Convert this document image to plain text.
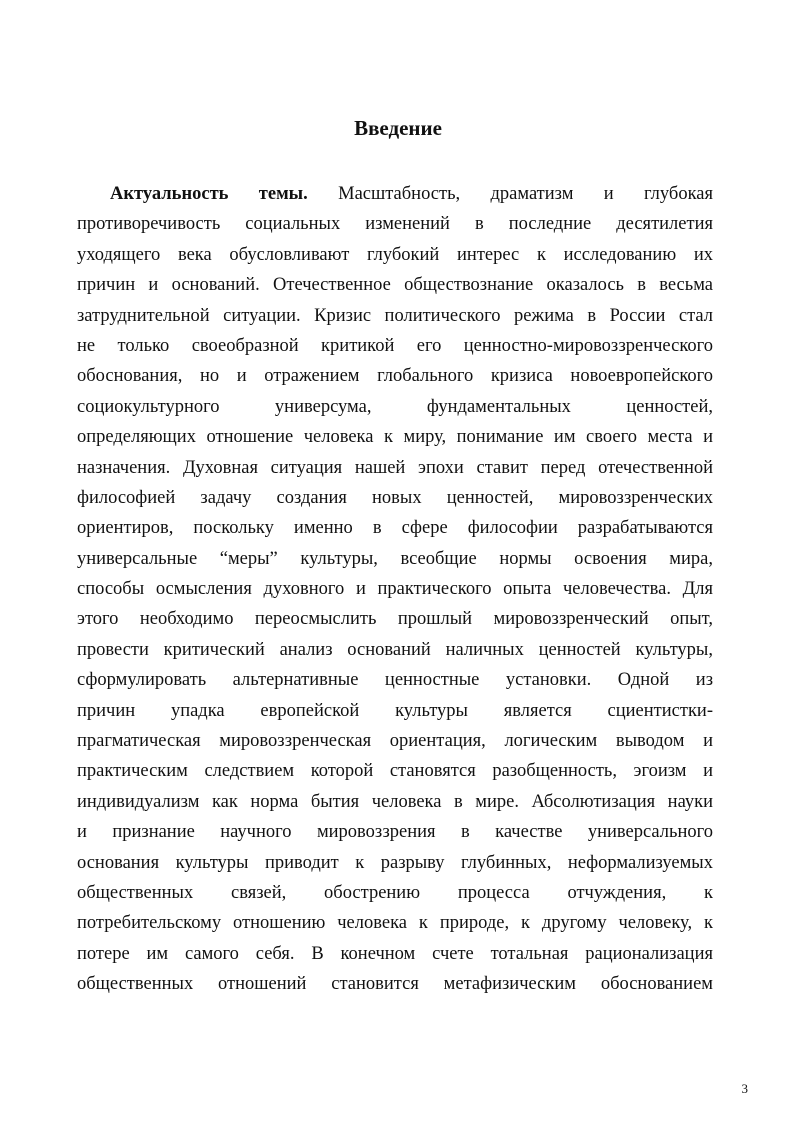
Введение
Актуальность темы. Масштабность, драматизм и глубокая
противоречивость социальных изменений в последние десятилетия
уходящего века обусловливают глубокий интерес к исследованию их
причин и оснований. Отечественное обществознание оказалось в весьма
затруднительной ситуации. Кризис политического режима в России стал
не только своеобразной критикой его ценностно-мировоззренческого
обоснования, но и отражением глобального кризиса новоевропейского
социокультурного универсума, фундаментальных ценностей,
определяющих отношение человека к миру, понимание им своего места и
назначения. Духовная ситуация нашей эпохи ставит перед отечественной
философией задачу создания новых ценностей, мировоззренческих
ориентиров, поскольку именно в сфере философии разрабатываются
универсальные “меры” культуры, всеобщие нормы освоения мира,
способы осмысления духовного и практического опыта человечества. Для
этого необходимо переосмыслить прошлый мировоззренческий опыт,
провести критический анализ оснований наличных ценностей культуры,
сформулировать альтернативные ценностные установки. Одной из
причин упадка европейской культуры является сциентистки-
прагматическая мировоззренческая ориентация, логическим выводом и
практическим следствием которой становятся разобщенность, эгоизм и
индивидуализм как норма бытия человека в мире. Абсолютизация науки
и признание научного мировоззрения в качестве универсального
основания культуры приводит к разрыву глубинных, неформализуемых
общественных связей, обострению процесса отчуждения, к
потребительскому отношению человека к природе, к другому человеку, к
потере им самого себя. В конечном счете тотальная рационализация
общественных отношений становится метафизическим обоснованием
3
